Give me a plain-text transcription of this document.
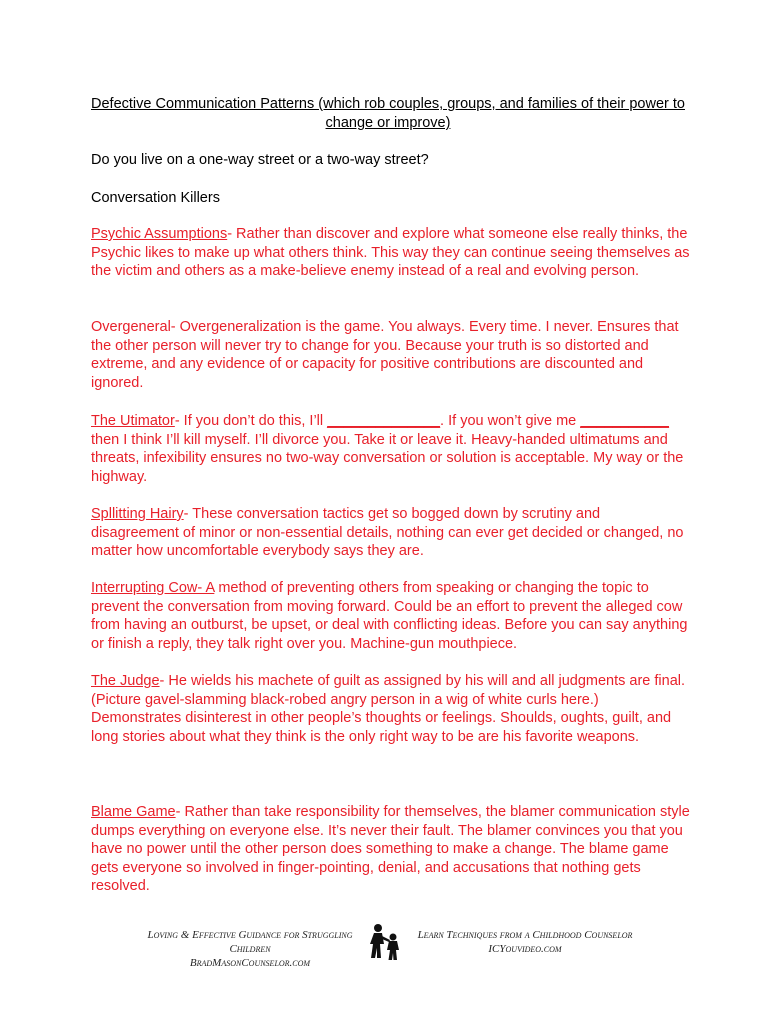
Defective Communication Patterns (which rob couples, groups, and families of their power to change or improve)

Do you live on a one-way street or a two-way street?

Conversation Killers

Psychic Assumptions- Rather than discover and explore what someone else really thinks, the Psychic likes to make up what others think. This way they can continue seeing themselves as the victim and others as a make-believe enemy instead of a real and evolving person.

Overgeneral- Overgeneralization is the game. You always. Every time. I never. Ensures that the other person will never try to change for you. Because your truth is so distorted and extreme, and any evidence of or capacity for positive contributions are discounted and ignored.

The Utimator- If you don’t do this, I’ll ______________. If you won’t give me ___________ then I think I’ll kill myself. I’ll divorce you. Take it or leave it. Heavy-handed ultimatums and threats, infexibility ensures no two-way conversation or solution is acceptable. My way or the highway.

Spllitting Hairy- These conversation tactics get so bogged down by scrutiny and disagreement of minor or non-essential details, nothing can ever get decided or changed, no matter how uncomfortable everybody says they are.

Interrupting Cow- A method of preventing others from speaking or changing the topic to prevent the conversation from moving forward. Could be an effort to prevent the alleged cow from having an outburst, be upset, or deal with conflicting ideas. Before you can say anything or finish a reply, they talk right over you. Machine-gun mouthpiece.

The Judge- He wields his machete of guilt as assigned by his will and all judgments are final. (Picture gavel-slamming black-robed angry person in a wig of white curls here.) Demonstrates disinterest in other people’s thoughts or feelings. Shoulds, oughts, guilt, and long stories about what they think is the only right way to be are his favorite weapons.

Blame Game- Rather than take responsibility for themselves, the blamer communication style dumps everything on everyone else. It’s never their fault. The blamer convinces you that you have no power until the other person does something to make a change. The blame game gets everyone so involved in finger-pointing, denial, and accusations that nothing gets resolved.

Loving & Effective Guidance for Struggling Children
BradMasonCounselor.com
Learn Techniques from a Childhood Counselor
ICYouvideo.com
